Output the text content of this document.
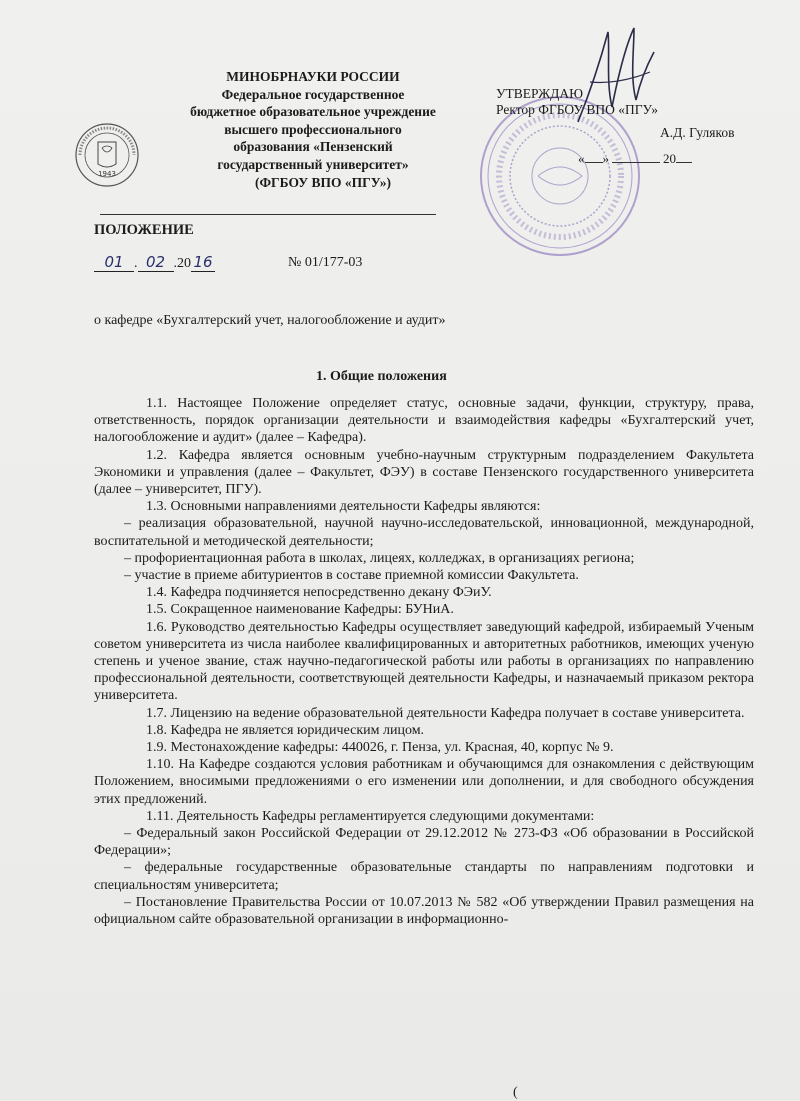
МИНОБРНАУКИ РОССИИ
Федеральное государственное
бюджетное образовательное учреждение
высшего профессионального
образования «Пензенский
государственный университет»
(ФГБОУ ВПО «ПГУ»)
1943
УТВЕРЖДАЮ
Ректор ФГБОУ ВПО «ПГУ»
А.Д. Гуляков
« »	20
ПОЛОЖЕНИЕ
01 . 02 .20 16	№ 01/177-03
о кафедре «Бухгалтерский учет, налогообложение и аудит»
1. Общие положения

1.1. Настоящее Положение определяет статус, основные задачи, функции, структуру, права, ответственность, порядок организации деятельности и взаимодействия кафедры «Бухгалтерский учет, налогообложение и аудит» (далее – Кафедра).

1.2. Кафедра является основным учебно-научным структурным подразделением Факультета Экономики и управления (далее – Факультет, ФЭУ) в составе Пензенского государственного университета (далее – университет, ПГУ).

1.3. Основными направлениями деятельности Кафедры являются:

– реализация образовательной, научной научно-исследовательской, инновационной, международной, воспитательной и методической деятельности;

– профориентационная работа в школах, лицеях, колледжах, в организациях региона;

– участие в приеме абитуриентов в составе приемной комиссии Факультета.

1.4. Кафедра подчиняется непосредственно декану ФЭиУ.

1.5. Сокращенное наименование Кафедры: БУНиА.

1.6. Руководство деятельностью Кафедры осуществляет заведующий кафедрой, избираемый Ученым советом университета из числа наиболее квалифицированных и авторитетных работников, имеющих ученую степень и ученое звание, стаж научно-педагогической работы или работы в организациях по направлению профессиональной деятельности, соответствующей деятельности Кафедры, и назначаемый приказом ректора университета.

1.7. Лицензию на ведение образовательной деятельности Кафедра получает в составе университета.

1.8. Кафедра не является юридическим лицом.

1.9. Местонахождение кафедры: 440026, г. Пенза, ул. Красная, 40, корпус № 9.

1.10. На Кафедре создаются условия работникам и обучающимся для ознакомления с действующим Положением, вносимыми предложениями о его изменении или дополнении, и для свободного обсуждения этих предложений.

1.11. Деятельность Кафедры регламентируется следующими документами:

– Федеральный закон Российской Федерации от 29.12.2012 № 273-ФЗ «Об образовании в Российской Федерации»;

– федеральные государственные образовательные стандарты по направлениям подготовки и специальностям университета;

– Постановление Правительства России от 10.07.2013 № 582 «Об утверждении Правил размещения на официальном сайте образовательной организации в информационно-

(
